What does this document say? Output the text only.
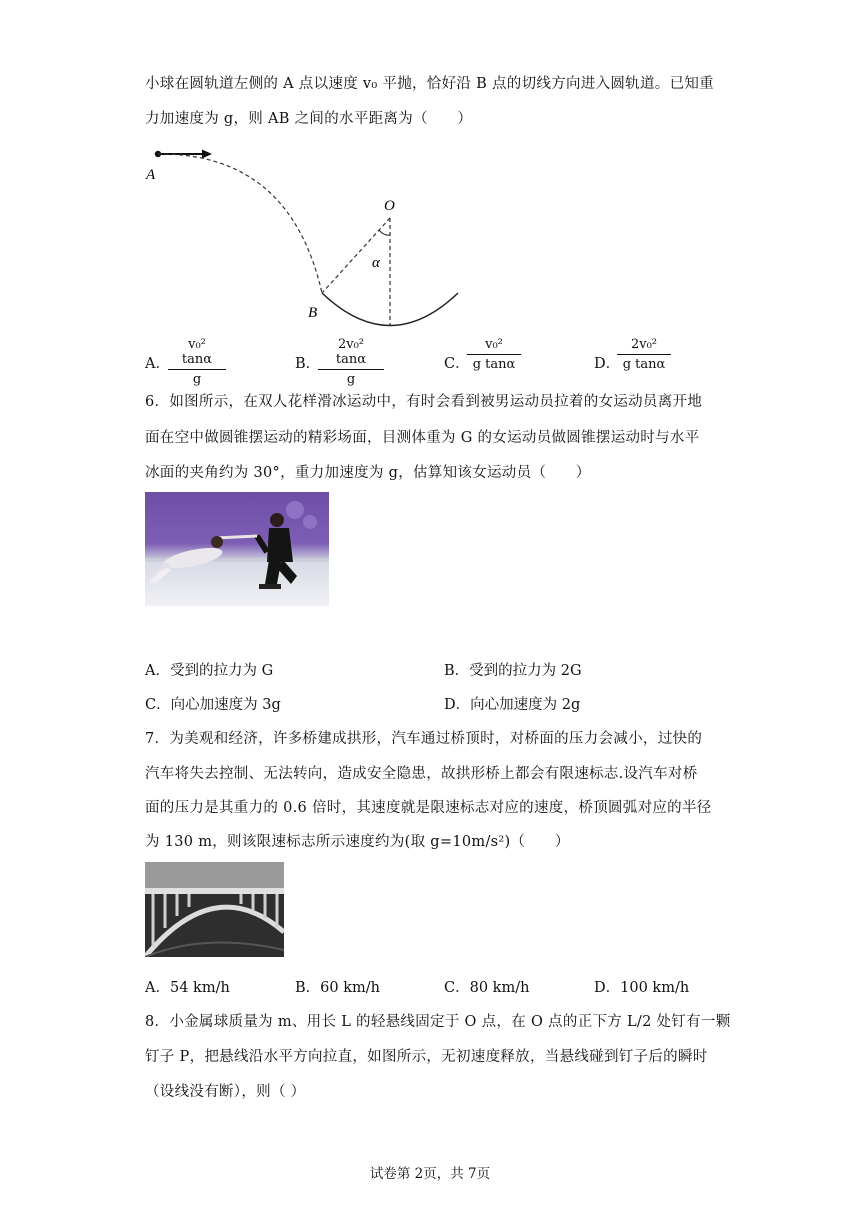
小球在圆轨道左侧的 A 点以速度 v₀ 平抛，恰好沿 B 点的切线方向进入圆轨道。已知重
力加速度为 g，则 AB 之间的水平距离为（　　）
A
O
α
B
A．
v₀² tanα
g
B．
2v₀² tanα
g
C．
v₀²
g tanα	D．
2v₀²
g tanα
6．如图所示，在双人花样滑冰运动中，有时会看到被男运动员拉着的女运动员离开地
面在空中做圆锥摆运动的精彩场面，目测体重为 G 的女运动员做圆锥摆运动时与水平
冰面的夹角约为 30°，重力加速度为 g，估算知该女运动员（　　）
A．受到的拉力为 G	B．受到的拉力为 2G
C．向心加速度为 3g	D．向心加速度为 2g
7．为美观和经济，许多桥建成拱形，汽车通过桥顶时，对桥面的压力会减小，过快的
汽车将失去控制、无法转向，造成安全隐患，故拱形桥上都会有限速标志.设汽车对桥
面的压力是其重力的 0.6 倍时，其速度就是限速标志对应的速度，桥顶圆弧对应的半径
为 130 m，则该限速标志所示速度约为(取 g=10m/s²)（　　）
A．54 km/h	B．60 km/h	C．80 km/h	D．100 km/h
8．小金属球质量为 m、用长 L 的轻悬线固定于 O 点，在 O 点的正下方 L/2 处钉有一颗
钉子 P，把悬线沿水平方向拉直，如图所示，无初速度释放，当悬线碰到钉子后的瞬时
（设线没有断），则（ ）
试卷第 2页，共 7页
